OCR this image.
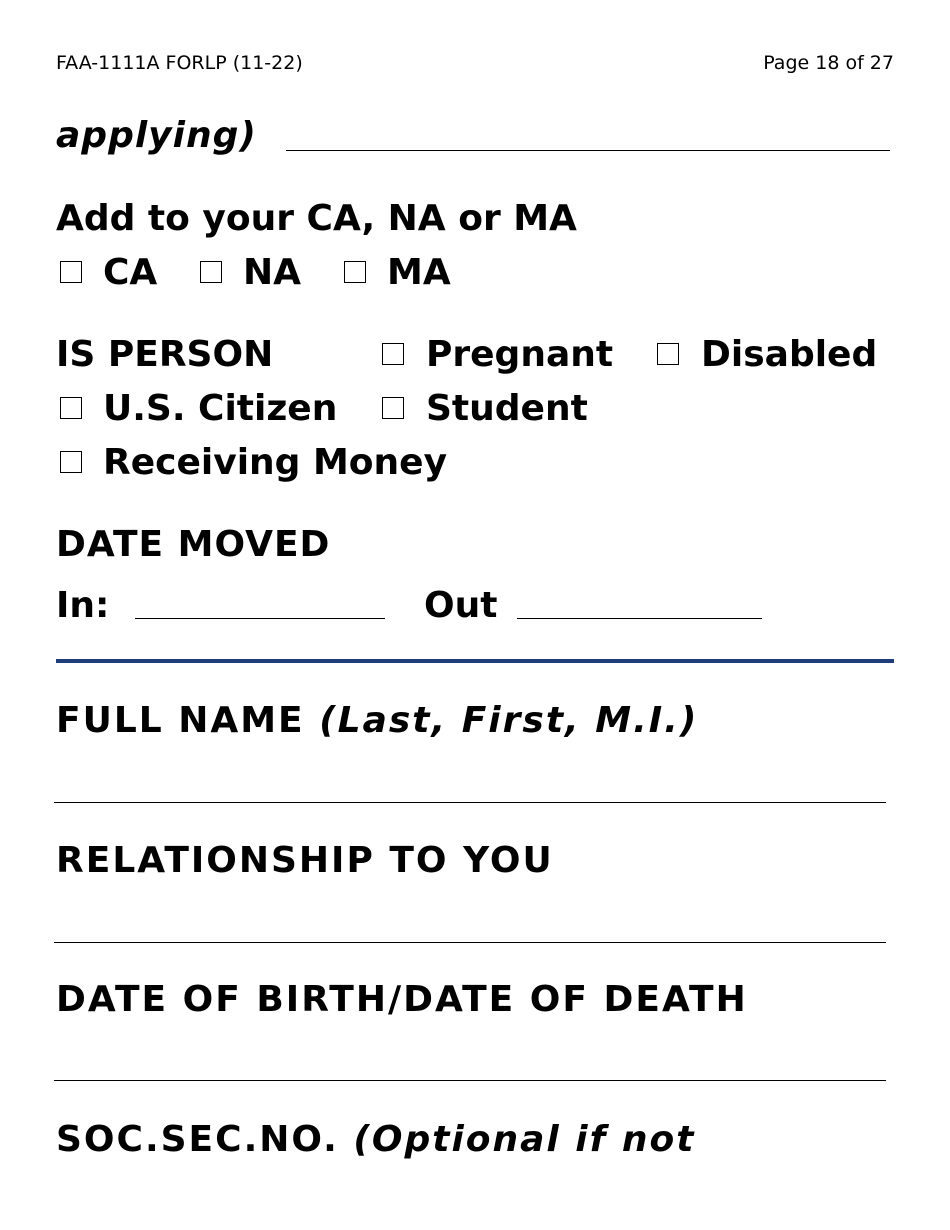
FAA-1111A FORLP (11-22)	Page 18 of 27
applying)
Add to your CA, NA or MA
CA NA MA
IS PERSON	Pregnant Disabled
U.S. Citizen Student
Receiving Money
DATE MOVED
In:	Out
FULL NAME (Last, First, M.I.)
RELATIONSHIP TO YOU
DATE OF BIRTH/DATE OF DEATH
SOC.SEC.NO. (Optional if not
